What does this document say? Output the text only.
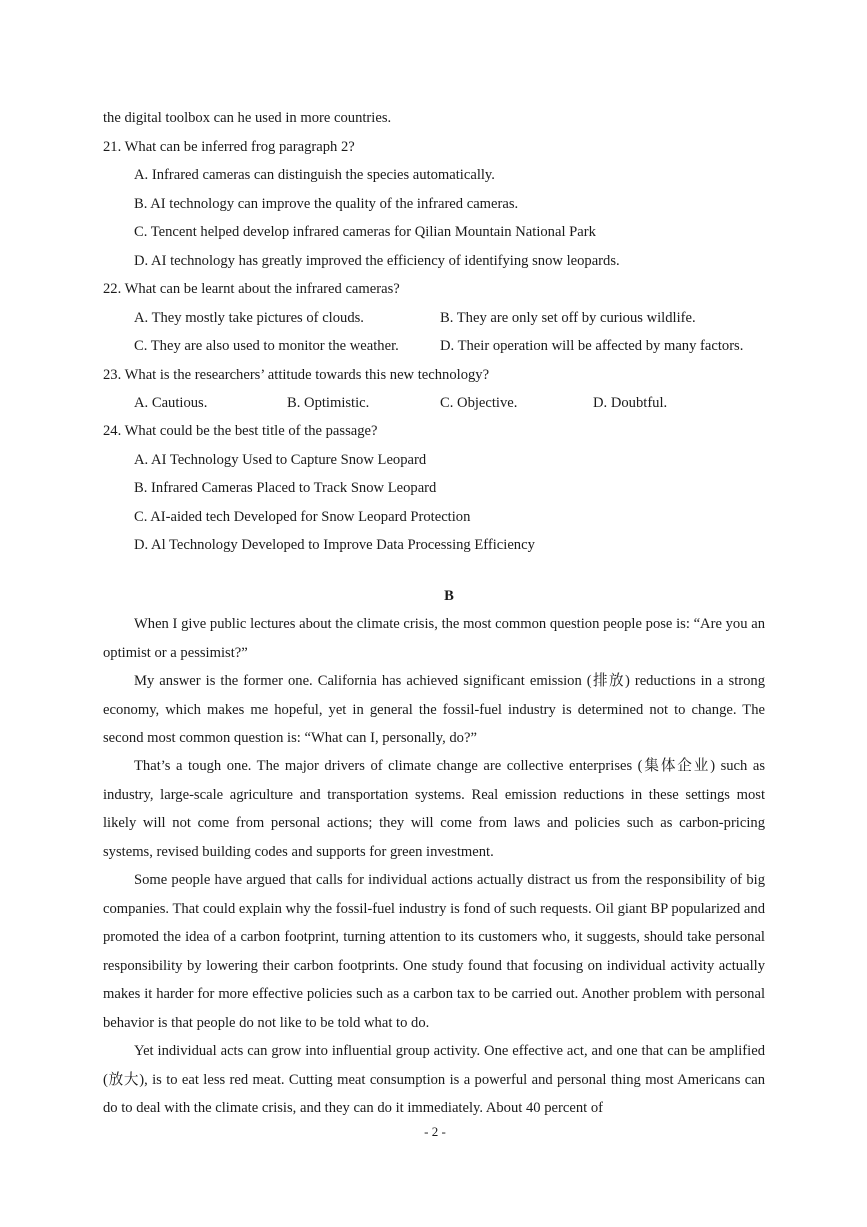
the digital toolbox can he used in more countries.
21. What can be inferred frog paragraph 2?
A. Infrared cameras can distinguish the species automatically.
B. AI technology can improve the quality of the infrared cameras.
C. Tencent helped develop infrared cameras for Qilian Mountain National Park
D. AI technology has greatly improved the efficiency of identifying snow leopards.
22. What can be learnt about the infrared cameras?
A. They mostly take pictures of clouds.	B. They are only set off by curious wildlife.
C. They are also used to monitor the weather.	D. Their operation will be affected by many factors.
23. What is the researchers’ attitude towards this new technology?
A. Cautious.	B. Optimistic.	C. Objective.	D. Doubtful.
24. What could be the best title of the passage?
A. AI Technology Used to Capture Snow Leopard
B. Infrared Cameras Placed to Track Snow Leopard
C. AI-aided tech Developed for Snow Leopard Protection
D. Al Technology Developed to Improve Data Processing Efficiency
B

When I give public lectures about the climate crisis, the most common question people pose is: “Are you an optimist or a pessimist?”

My answer is the former one. California has achieved significant emission (排放) reductions in a strong economy, which makes me hopeful, yet in general the fossil-fuel industry is determined not to change. The second most common question is: “What can I, personally, do?”

That’s a tough one. The major drivers of climate change are collective enterprises (集体企业) such as industry, large-scale agriculture and transportation systems. Real emission reductions in these settings most likely will not come from personal actions; they will come from laws and policies such as carbon-pricing systems, revised building codes and supports for green investment.

Some people have argued that calls for individual actions actually distract us from the responsibility of big companies. That could explain why the fossil-fuel industry is fond of such requests. Oil giant BP popularized and promoted the idea of a carbon footprint, turning attention to its customers who, it suggests, should take personal responsibility by lowering their carbon footprints. One study found that focusing on individual activity actually makes it harder for more effective policies such as a carbon tax to be carried out. Another problem with personal behavior is that people do not like to be told what to do.

Yet individual acts can grow into influential group activity. One effective act, and one that can be amplified (放大), is to eat less red meat. Cutting meat consumption is a powerful and personal thing most Americans can do to deal with the climate crisis, and they can do it immediately. About 40 percent of

- 2 -
